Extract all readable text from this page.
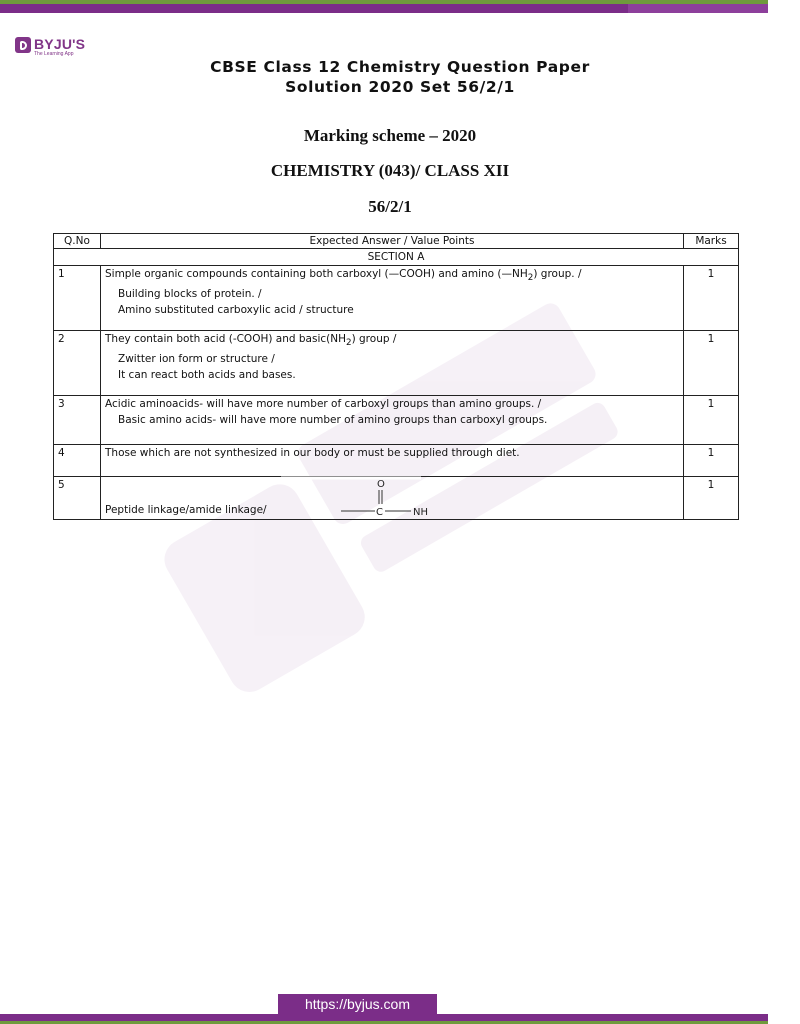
BYJU'S
The Learning App
CBSE Class 12 Chemistry Question Paper
Solution 2020 Set 56/2/1
Marking scheme – 2020
CHEMISTRY (043)/ CLASS XII
56/2/1
Q.No	Expected Answer / Value Points	Marks
SECTION A		
1	Simple organic compounds containing both carboxyl (—COOH) and amino $(—NH_2)$ group. /
Building blocks of protein. /
Amino substituted carboxylic acid / structure	1
2	They contain both acid (-COOH) and $basic(NH_2)$ group /
Zwitter ion form or structure /
It can react both acids and bases.	1
3	Acidic aminoacids- will have more number of carboxyl groups than amino groups. /
Basic amino acids- will have more number of amino groups than carboxyl groups.	1
4	Those which are not synthesized in our body or must be supplied through diet.	1
5	Peptide linkage/amide linkage/
O
C NH	1
https://byjus.com
